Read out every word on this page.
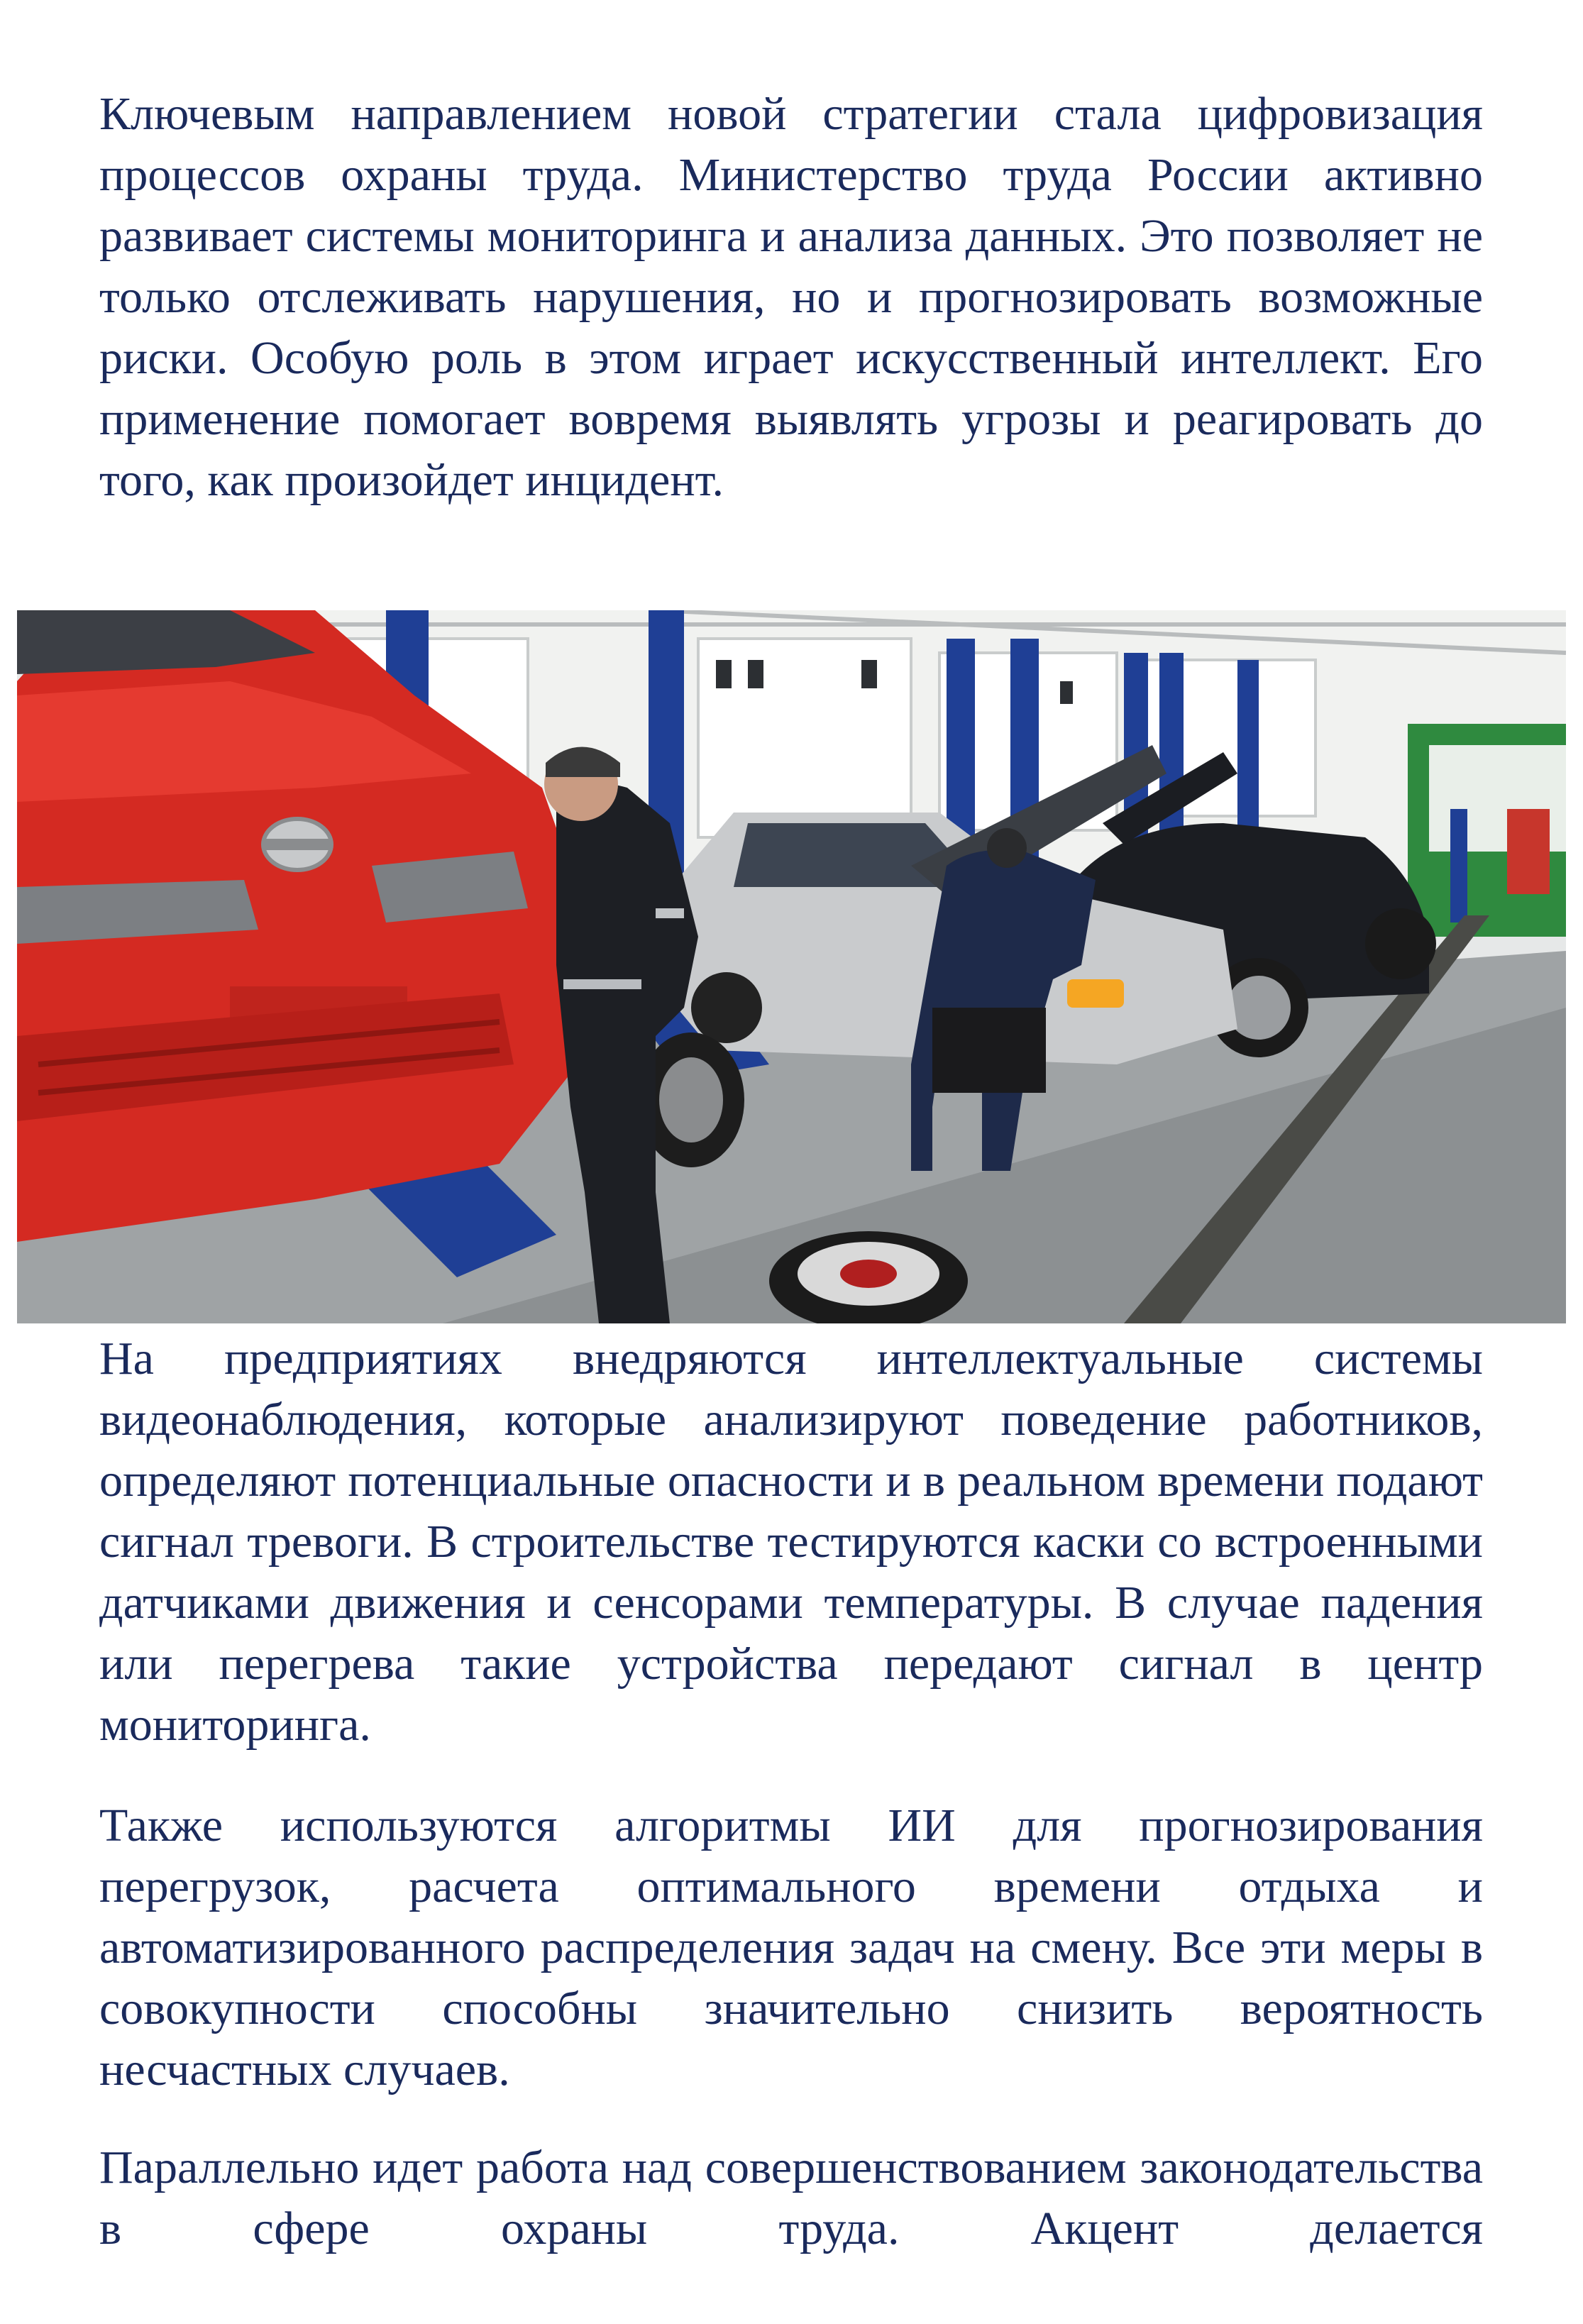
Ключевым направлением новой стратегии стала цифровизация процессов охраны труда. Министерство труда России активно развивает системы мониторинга и анализа данных. Это позволяет не только отслеживать нарушения, но и прогнозировать возможные риски. Особую роль в этом играет искусственный интеллект. Его применение помогает вовремя выявлять угрозы и реагировать до того, как произойдет инцидент.

На предприятиях внедряются интеллектуальные системы видеонаблюдения, которые анализируют поведение работников, определяют потенциальные опасности и в реальном времени подают сигнал тревоги. В строительстве тестируются каски со встроенными датчиками движения и сенсорами температуры. В случае падения или перегрева такие устройства передают сигнал в центр мониторинга.

Также используются алгоритмы ИИ для прогнозирования перегрузок, расчета оптимального времени отдыха и автоматизированного распределения задач на смену. Все эти меры в совокупности способны значительно снизить вероятность несчастных случаев.

Параллельно идет работа над совершенствованием законодательства в сфере охраны труда. Акцент делается
